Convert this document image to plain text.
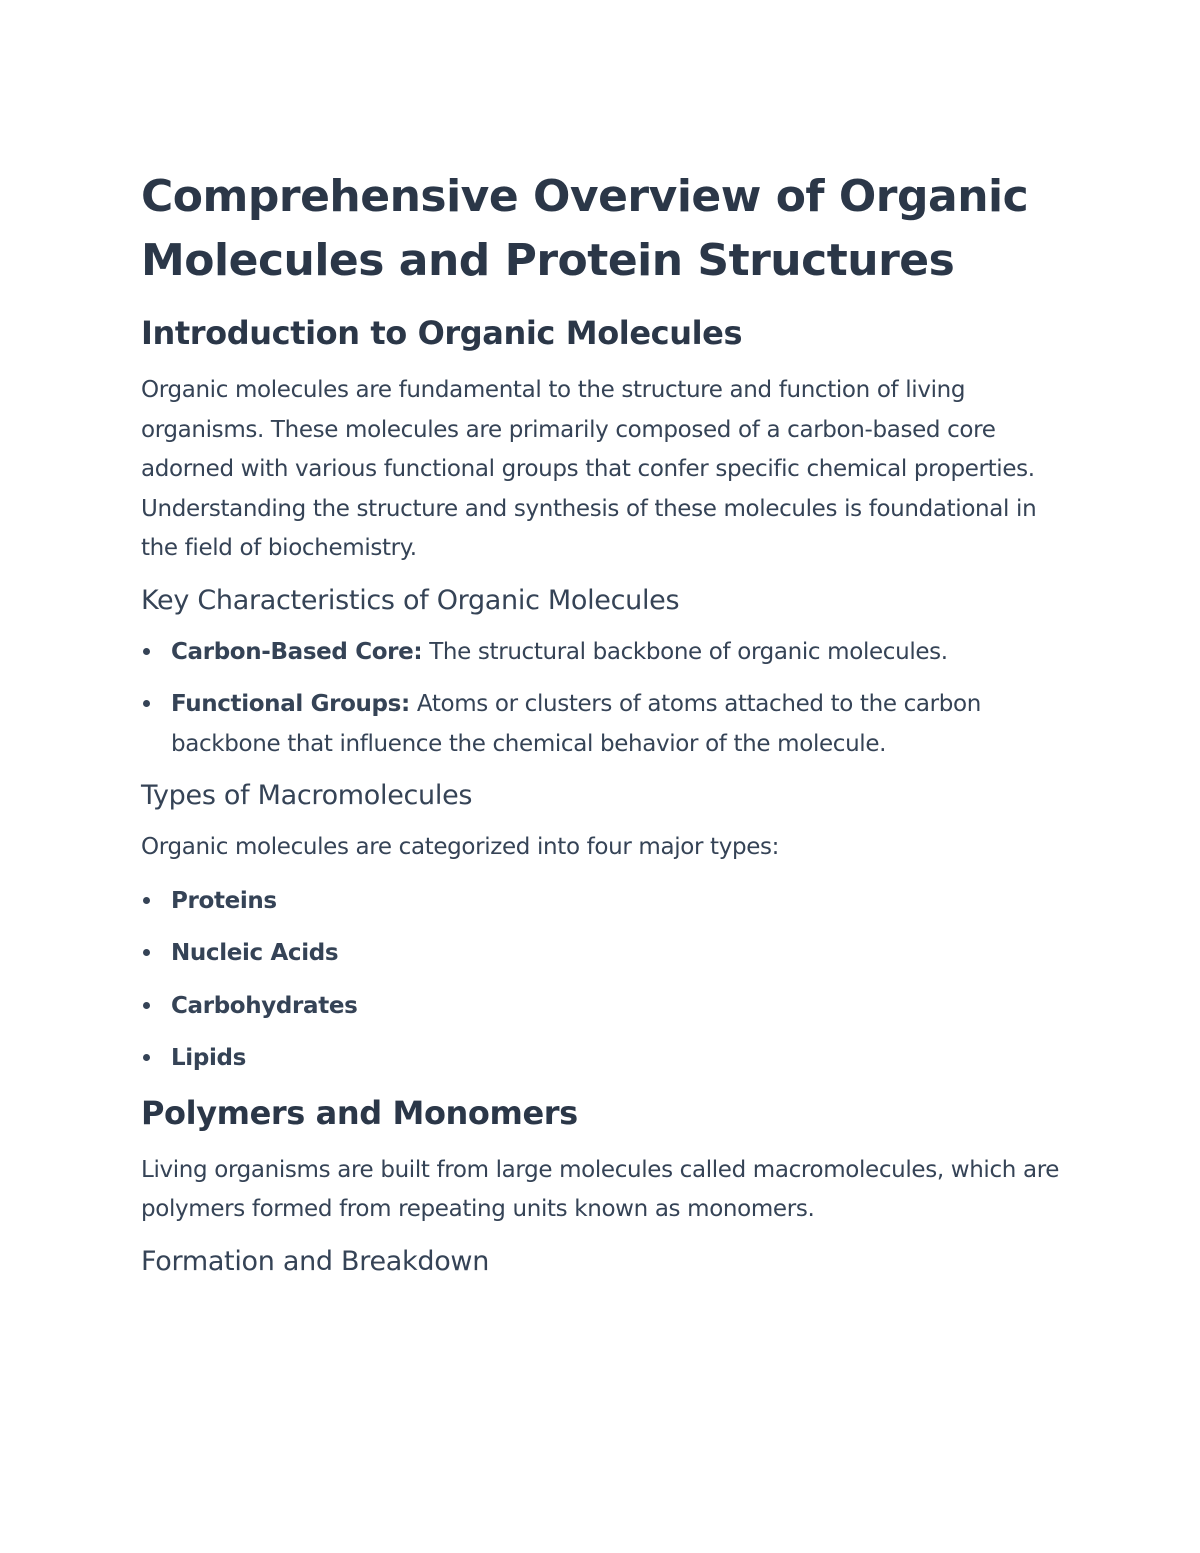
Comprehensive Overview of Organic Molecules and Protein Structures
Introduction to Organic Molecules

Organic molecules are fundamental to the structure and function of living organisms. These molecules are primarily composed of a carbon-based core adorned with various functional groups that confer specific chemical properties. Understanding the structure and synthesis of these molecules is foundational in the field of biochemistry.

Key Characteristics of Organic Molecules
Carbon-Based Core: The structural backbone of organic molecules.
Functional Groups: Atoms or clusters of atoms attached to the carbon backbone that influence the chemical behavior of the molecule.
Types of Macromolecules

Organic molecules are categorized into four major types:

Proteins
Nucleic Acids
Carbohydrates
Lipids
Polymers and Monomers

Living organisms are built from large molecules called macromolecules, which are polymers formed from repeating units known as monomers.

Formation and Breakdown
